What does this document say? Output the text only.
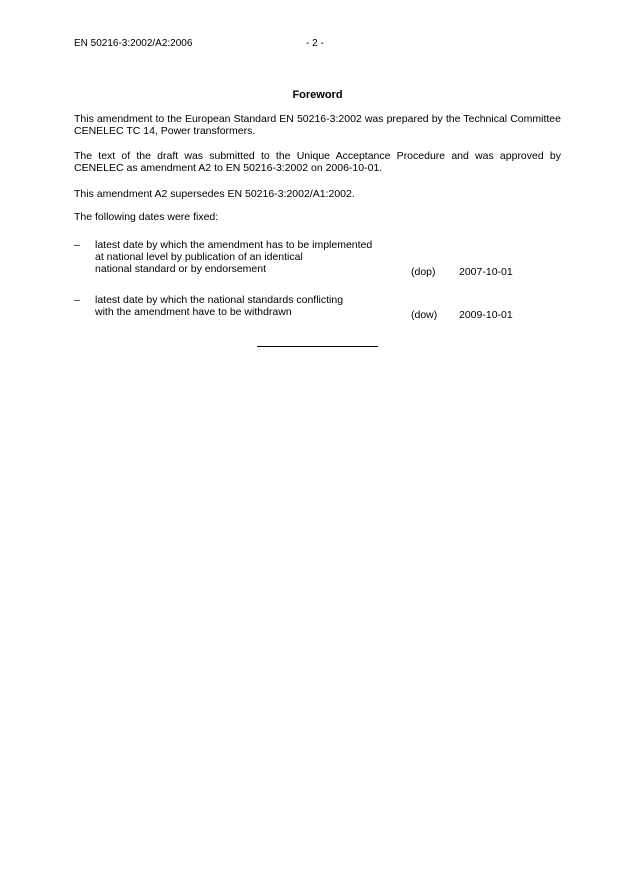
EN 50216-3:2002/A2:2006	- 2 -
Foreword
This amendment to the European Standard EN 50216-3:2002 was prepared by the Technical Committee CENELEC TC 14, Power transformers.
The text of the draft was submitted to the Unique Acceptance Procedure and was approved by CENELEC as amendment A2 to EN 50216-3:2002 on 2006-10-01.
This amendment A2 supersedes EN 50216-3:2002/A1:2002.
The following dates were fixed:
– latest date by which the amendment has to be implemented
at national level by publication of an identical
national standard or by endorsement	(dop) 2007-10-01
– latest date by which the national standards conflicting
with the amendment have to be withdrawn	(dow) 2009-10-01
